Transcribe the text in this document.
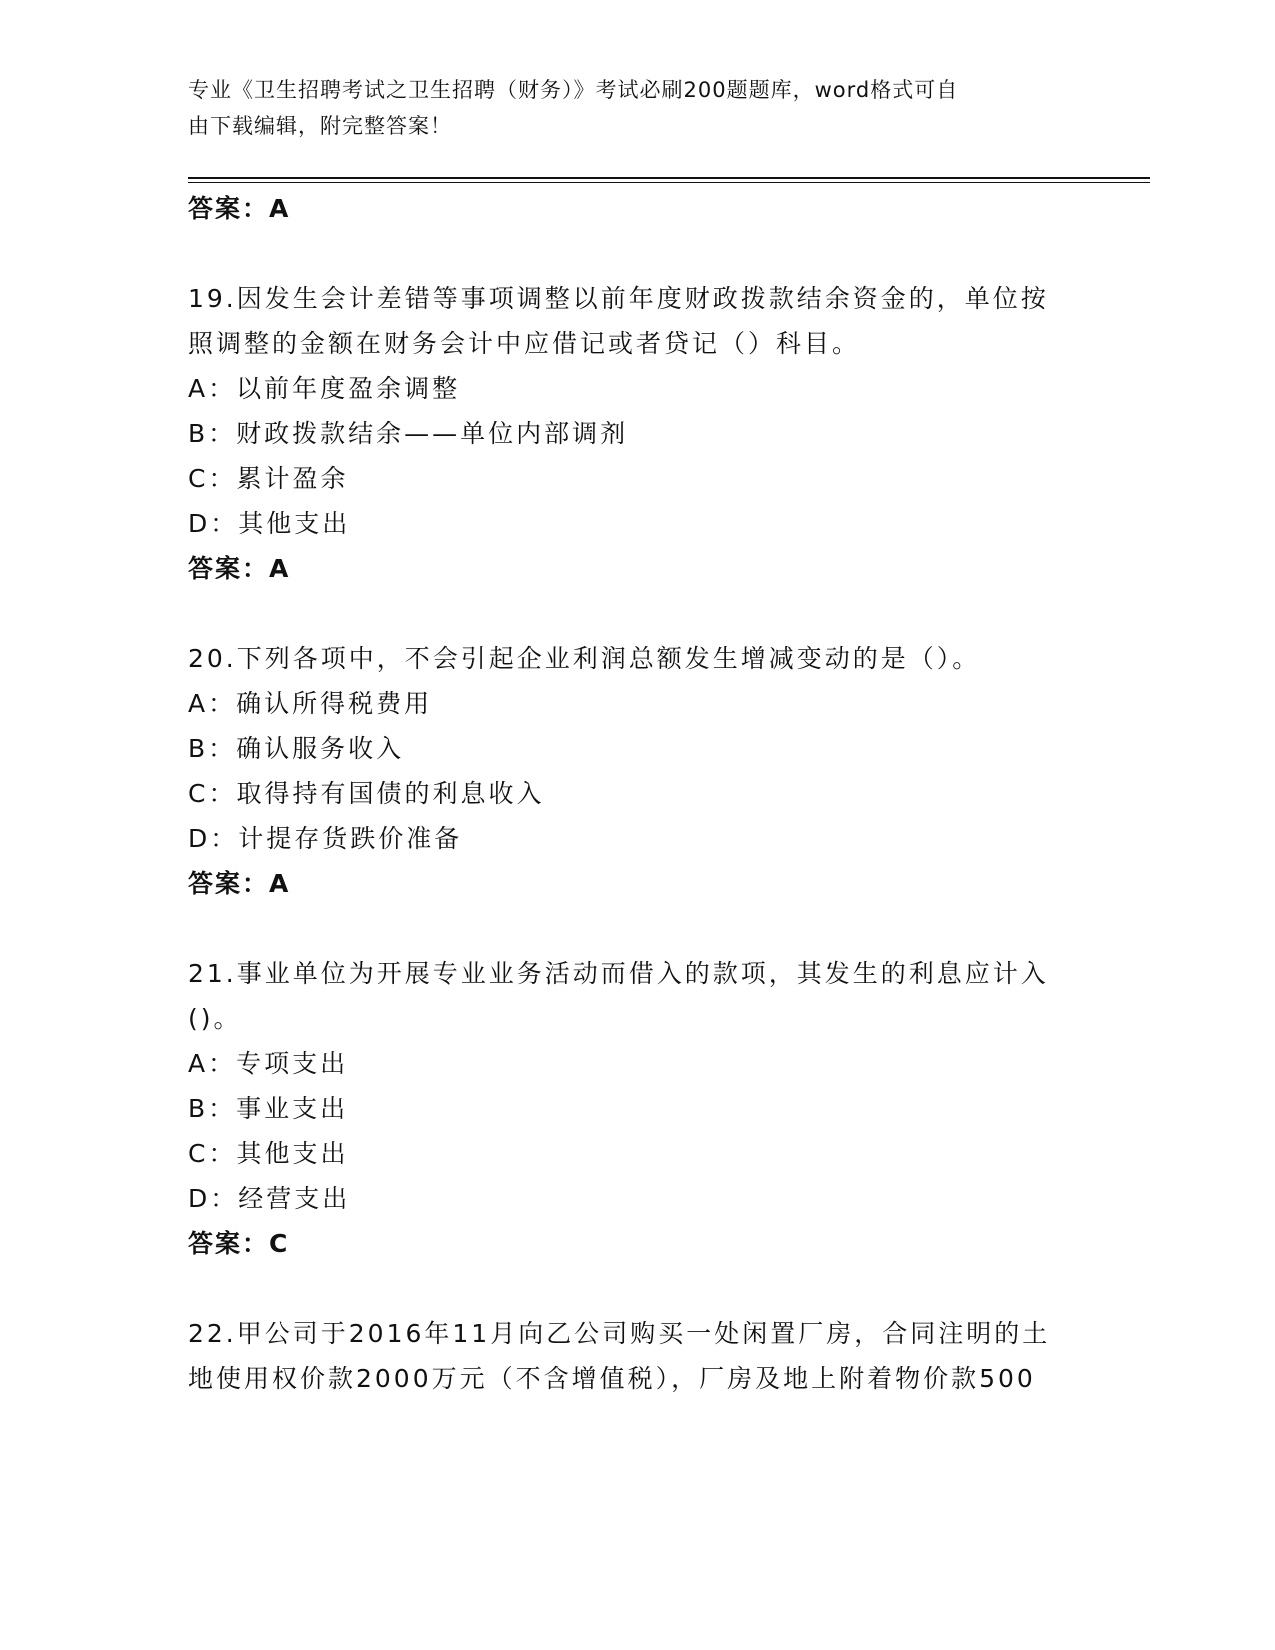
专业《卫生招聘考试之卫生招聘（财务）》考试必刷200题题库，word格式可自
由下载编辑，附完整答案！
答案：A
19.因发生会计差错等事项调整以前年度财政拨款结余资金的，单位按
照调整的金额在财务会计中应借记或者贷记（）科目。
A：以前年度盈余调整
B：财政拨款结余——单位内部调剂
C：累计盈余
D：其他支出
答案：A
20.下列各项中，不会引起企业利润总额发生增减变动的是（）。
A：确认所得税费用
B：确认服务收入
C：取得持有国债的利息收入
D：计提存货跌价准备
答案：A
21.事业单位为开展专业业务活动而借入的款项，其发生的利息应计入
()。
A：专项支出
B：事业支出
C：其他支出
D：经营支出
答案：C
22.甲公司于2016年11月向乙公司购买一处闲置厂房，合同注明的土
地使用权价款2000万元（不含增值税），厂房及地上附着物价款500
